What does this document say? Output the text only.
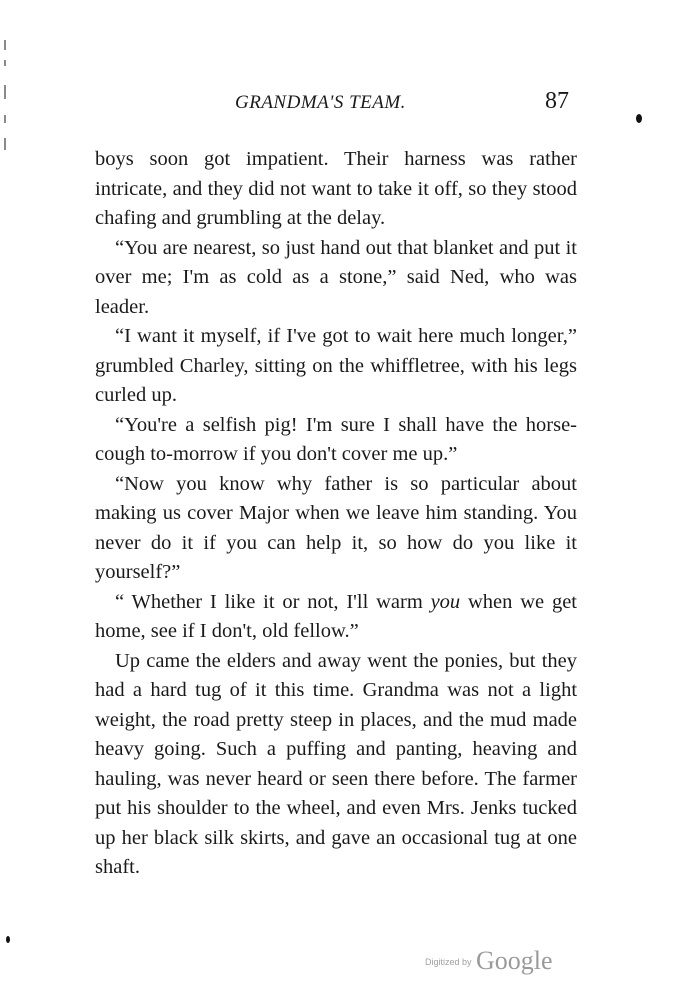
GRANDMA'S TEAM.	87

boys soon got impatient. Their harness was rather intricate, and they did not want to take it off, so they stood chafing and grumbling at the delay.

“You are nearest, so just hand out that blanket and put it over me; I'm as cold as a stone,” said Ned, who was leader.

“I want it myself, if I've got to wait here much longer,” grumbled Charley, sitting on the whiffletree, with his legs curled up.

“You're a selfish pig! I'm sure I shall have the horse-cough to-morrow if you don't cover me up.”

“Now you know why father is so particular about making us cover Major when we leave him standing. You never do it if you can help it, so how do you like it yourself?”

“ Whether I like it or not, I'll warm you when we get home, see if I don't, old fellow.”

Up came the elders and away went the ponies, but they had a hard tug of it this time. Grandma was not a light weight, the road pretty steep in places, and the mud made heavy going. Such a puffing and panting, heaving and hauling, was never heard or seen there before. The farmer put his shoulder to the wheel, and even Mrs. Jenks tucked up her black silk skirts, and gave an occasional tug at one shaft.

$^{Digitized by}$ Google
